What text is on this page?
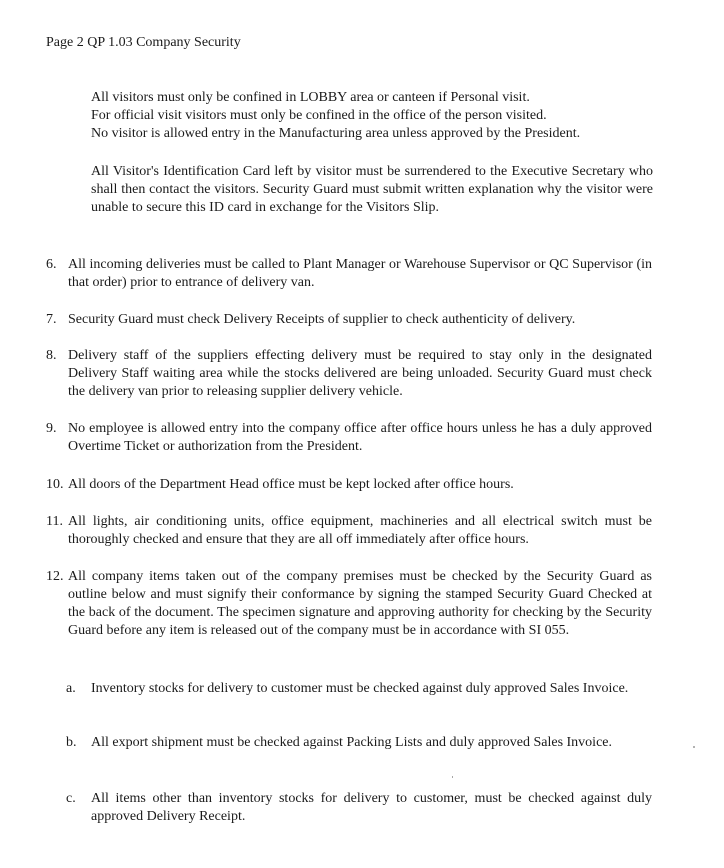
Page 2 QP 1.03 Company Security
All visitors must only be confined in LOBBY area or canteen if Personal visit.
For official visit visitors must only be confined in the office of the person visited.
No visitor is allowed entry in the Manufacturing area unless approved by the President.
All Visitor's Identification Card left by visitor must be surrendered to the Executive Secretary who shall then contact the visitors. Security Guard must submit written explanation why the visitor were unable to secure this ID card in exchange for the Visitors Slip.
6. All incoming deliveries must be called to Plant Manager or Warehouse Supervisor or QC Supervisor (in that order) prior to entrance of delivery van.
7. Security Guard must check Delivery Receipts of supplier to check authenticity of delivery.
8. Delivery staff of the suppliers effecting delivery must be required to stay only in the designated Delivery Staff waiting area while the stocks delivered are being unloaded. Security Guard must check the delivery van prior to releasing supplier delivery vehicle.
9. No employee is allowed entry into the company office after office hours unless he has a duly approved Overtime Ticket or authorization from the President.
10. All doors of the Department Head office must be kept locked after office hours.
11. All lights, air conditioning units, office equipment, machineries and all electrical switch must be thoroughly checked and ensure that they are all off immediately after office hours.
12. All company items taken out of the company premises must be checked by the Security Guard as outline below and must signify their conformance by signing the stamped Security Guard Checked at the back of the document. The specimen signature and approving authority for checking by the Security Guard before any item is released out of the company must be in accordance with SI 055.
a. Inventory stocks for delivery to customer must be checked against duly approved Sales Invoice.
b. All export shipment must be checked against Packing Lists and duly approved Sales Invoice.
c. All items other than inventory stocks for delivery to customer, must be checked against duly approved Delivery Receipt.
